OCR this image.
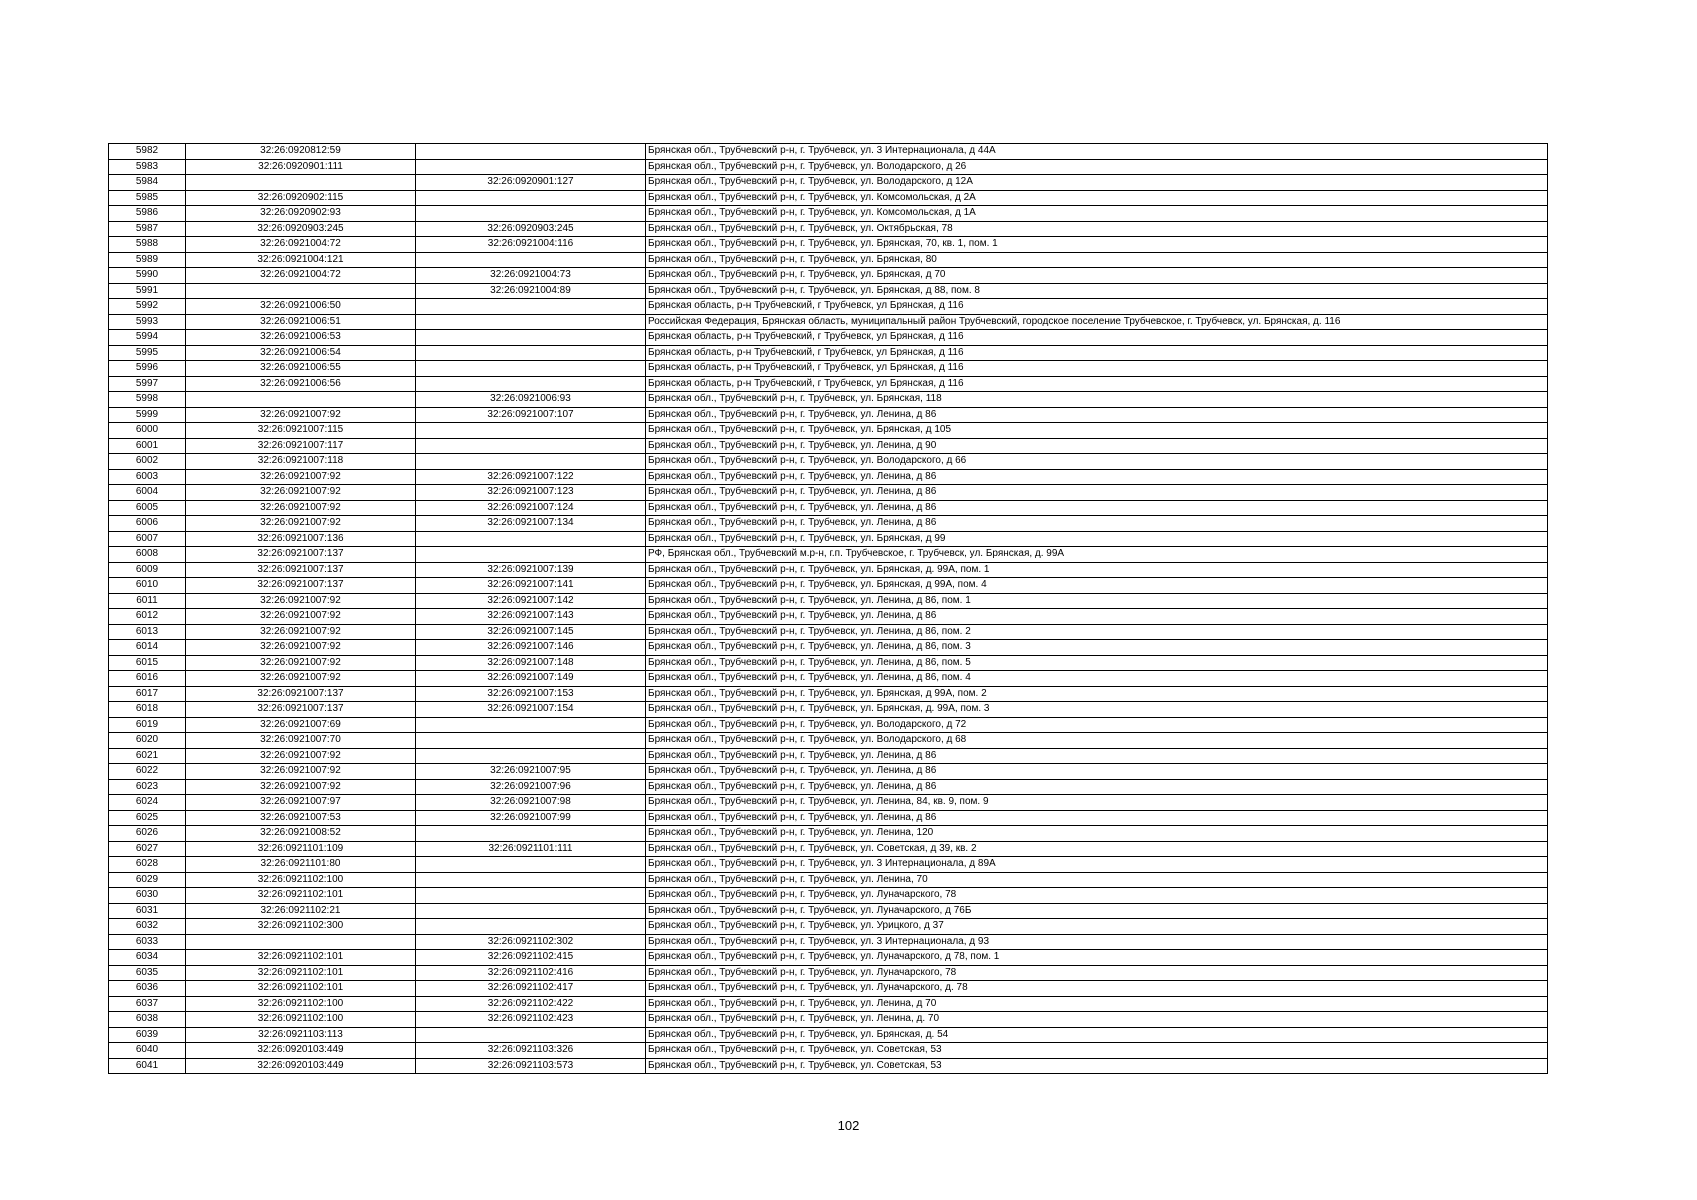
5982	32:26:0920812:59		Брянская обл., Трубчевский р-н, г. Трубчевск, ул. 3 Интернационала, д 44А
5983	32:26:0920901:111		Брянская обл., Трубчевский р-н, г. Трубчевск, ул. Володарского, д 26
5984		32:26:0920901:127	Брянская обл., Трубчевский р-н, г. Трубчевск, ул. Володарского, д 12А
5985	32:26:0920902:115		Брянская обл., Трубчевский р-н, г. Трубчевск, ул. Комсомольская, д 2А
5986	32:26:0920902:93		Брянская обл., Трубчевский р-н, г. Трубчевск, ул. Комсомольская, д 1А
5987	32:26:0920903:245	32:26:0920903:245	Брянская обл., Трубчевский р-н, г. Трубчевск, ул. Октябрьская, 78
5988	32:26:0921004:72	32:26:0921004:116	Брянская обл., Трубчевский р-н, г. Трубчевск, ул. Брянская, 70, кв. 1, пом. 1
5989	32:26:0921004:121		Брянская обл., Трубчевский р-н, г. Трубчевск, ул. Брянская, 80
5990	32:26:0921004:72	32:26:0921004:73	Брянская обл., Трубчевский р-н, г. Трубчевск, ул. Брянская, д 70
5991		32:26:0921004:89	Брянская обл., Трубчевский р-н, г. Трубчевск, ул. Брянская, д 88, пом. 8
5992	32:26:0921006:50		Брянская область, р-н Трубчевский, г Трубчевск, ул Брянская, д 116
5993	32:26:0921006:51		Российская Федерация, Брянская область, муниципальный район Трубчевский, городское поселение Трубчевское, г. Трубчевск, ул. Брянская, д. 116
5994	32:26:0921006:53		Брянская область, р-н Трубчевский, г Трубчевск, ул Брянская, д 116
5995	32:26:0921006:54		Брянская область, р-н Трубчевский, г Трубчевск, ул Брянская, д 116
5996	32:26:0921006:55		Брянская область, р-н Трубчевский, г Трубчевск, ул Брянская, д 116
5997	32:26:0921006:56		Брянская область, р-н Трубчевский, г Трубчевск, ул Брянская, д 116
5998		32:26:0921006:93	Брянская обл., Трубчевский р-н, г. Трубчевск, ул. Брянская, 118
5999	32:26:0921007:92	32:26:0921007:107	Брянская обл., Трубчевский р-н, г. Трубчевск, ул. Ленина, д 86
6000	32:26:0921007:115		Брянская обл., Трубчевский р-н, г. Трубчевск, ул. Брянская, д 105
6001	32:26:0921007:117		Брянская обл., Трубчевский р-н, г. Трубчевск, ул. Ленина, д 90
6002	32:26:0921007:118		Брянская обл., Трубчевский р-н, г. Трубчевск, ул. Володарского, д 66
6003	32:26:0921007:92	32:26:0921007:122	Брянская обл., Трубчевский р-н, г. Трубчевск, ул. Ленина, д 86
6004	32:26:0921007:92	32:26:0921007:123	Брянская обл., Трубчевский р-н, г. Трубчевск, ул. Ленина, д 86
6005	32:26:0921007:92	32:26:0921007:124	Брянская обл., Трубчевский р-н, г. Трубчевск, ул. Ленина, д 86
6006	32:26:0921007:92	32:26:0921007:134	Брянская обл., Трубчевский р-н, г. Трубчевск, ул. Ленина, д 86
6007	32:26:0921007:136		Брянская обл., Трубчевский р-н, г. Трубчевск, ул. Брянская, д 99
6008	32:26:0921007:137		РФ, Брянская обл., Трубчевский м.р-н, г.п. Трубчевское, г. Трубчевск, ул. Брянская, д. 99А
6009	32:26:0921007:137	32:26:0921007:139	Брянская обл., Трубчевский р-н, г. Трубчевск, ул. Брянская, д. 99А, пом. 1
6010	32:26:0921007:137	32:26:0921007:141	Брянская обл., Трубчевский р-н, г. Трубчевск, ул. Брянская, д 99А, пом. 4
6011	32:26:0921007:92	32:26:0921007:142	Брянская обл., Трубчевский р-н, г. Трубчевск, ул. Ленина, д 86, пом. 1
6012	32:26:0921007:92	32:26:0921007:143	Брянская обл., Трубчевский р-н, г. Трубчевск, ул. Ленина, д 86
6013	32:26:0921007:92	32:26:0921007:145	Брянская обл., Трубчевский р-н, г. Трубчевск, ул. Ленина, д 86, пом. 2
6014	32:26:0921007:92	32:26:0921007:146	Брянская обл., Трубчевский р-н, г. Трубчевск, ул. Ленина, д 86, пом. 3
6015	32:26:0921007:92	32:26:0921007:148	Брянская обл., Трубчевский р-н, г. Трубчевск, ул. Ленина, д 86, пом. 5
6016	32:26:0921007:92	32:26:0921007:149	Брянская обл., Трубчевский р-н, г. Трубчевск, ул. Ленина, д 86, пом. 4
6017	32:26:0921007:137	32:26:0921007:153	Брянская обл., Трубчевский р-н, г. Трубчевск, ул. Брянская, д 99А, пом. 2
6018	32:26:0921007:137	32:26:0921007:154	Брянская обл., Трубчевский р-н, г. Трубчевск, ул. Брянская, д. 99А, пом. 3
6019	32:26:0921007:69		Брянская обл., Трубчевский р-н, г. Трубчевск, ул. Володарского, д 72
6020	32:26:0921007:70		Брянская обл., Трубчевский р-н, г. Трубчевск, ул. Володарского, д 68
6021	32:26:0921007:92		Брянская обл., Трубчевский р-н, г. Трубчевск, ул. Ленина, д 86
6022	32:26:0921007:92	32:26:0921007:95	Брянская обл., Трубчевский р-н, г. Трубчевск, ул. Ленина, д 86
6023	32:26:0921007:92	32:26:0921007:96	Брянская обл., Трубчевский р-н, г. Трубчевск, ул. Ленина, д 86
6024	32:26:0921007:97	32:26:0921007:98	Брянская обл., Трубчевский р-н, г. Трубчевск, ул. Ленина, 84, кв. 9, пом. 9
6025	32:26:0921007:53	32:26:0921007:99	Брянская обл., Трубчевский р-н, г. Трубчевск, ул. Ленина, д 86
6026	32:26:0921008:52		Брянская обл., Трубчевский р-н, г. Трубчевск, ул. Ленина, 120
6027	32:26:0921101:109	32:26:0921101:111	Брянская обл., Трубчевский р-н, г. Трубчевск, ул. Советская, д 39, кв. 2
6028	32:26:0921101:80		Брянская обл., Трубчевский р-н, г. Трубчевск, ул. 3 Интернационала, д 89А
6029	32:26:0921102:100		Брянская обл., Трубчевский р-н, г. Трубчевск, ул. Ленина, 70
6030	32:26:0921102:101		Брянская обл., Трубчевский р-н, г. Трубчевск, ул. Луначарского, 78
6031	32:26:0921102:21		Брянская обл., Трубчевский р-н, г. Трубчевск, ул. Луначарского, д 76Б
6032	32:26:0921102:300		Брянская обл., Трубчевский р-н, г. Трубчевск, ул. Урицкого, д 37
6033		32:26:0921102:302	Брянская обл., Трубчевский р-н, г. Трубчевск, ул. 3 Интернационала, д 93
6034	32:26:0921102:101	32:26:0921102:415	Брянская обл., Трубчевский р-н, г. Трубчевск, ул. Луначарского, д 78, пом. 1
6035	32:26:0921102:101	32:26:0921102:416	Брянская обл., Трубчевский р-н, г. Трубчевск, ул. Луначарского, 78
6036	32:26:0921102:101	32:26:0921102:417	Брянская обл., Трубчевский р-н, г. Трубчевск, ул. Луначарского, д. 78
6037	32:26:0921102:100	32:26:0921102:422	Брянская обл., Трубчевский р-н, г. Трубчевск, ул. Ленина, д 70
6038	32:26:0921102:100	32:26:0921102:423	Брянская обл., Трубчевский р-н, г. Трубчевск, ул. Ленина, д. 70
6039	32:26:0921103:113		Брянская обл., Трубчевский р-н, г. Трубчевск, ул. Брянская, д. 54
6040	32:26:0920103:449	32:26:0921103:326	Брянская обл., Трубчевский р-н, г. Трубчевск, ул. Советская, 53
6041	32:26:0920103:449	32:26:0921103:573	Брянская обл., Трубчевский р-н, г. Трубчевск, ул. Советская, 53
102
